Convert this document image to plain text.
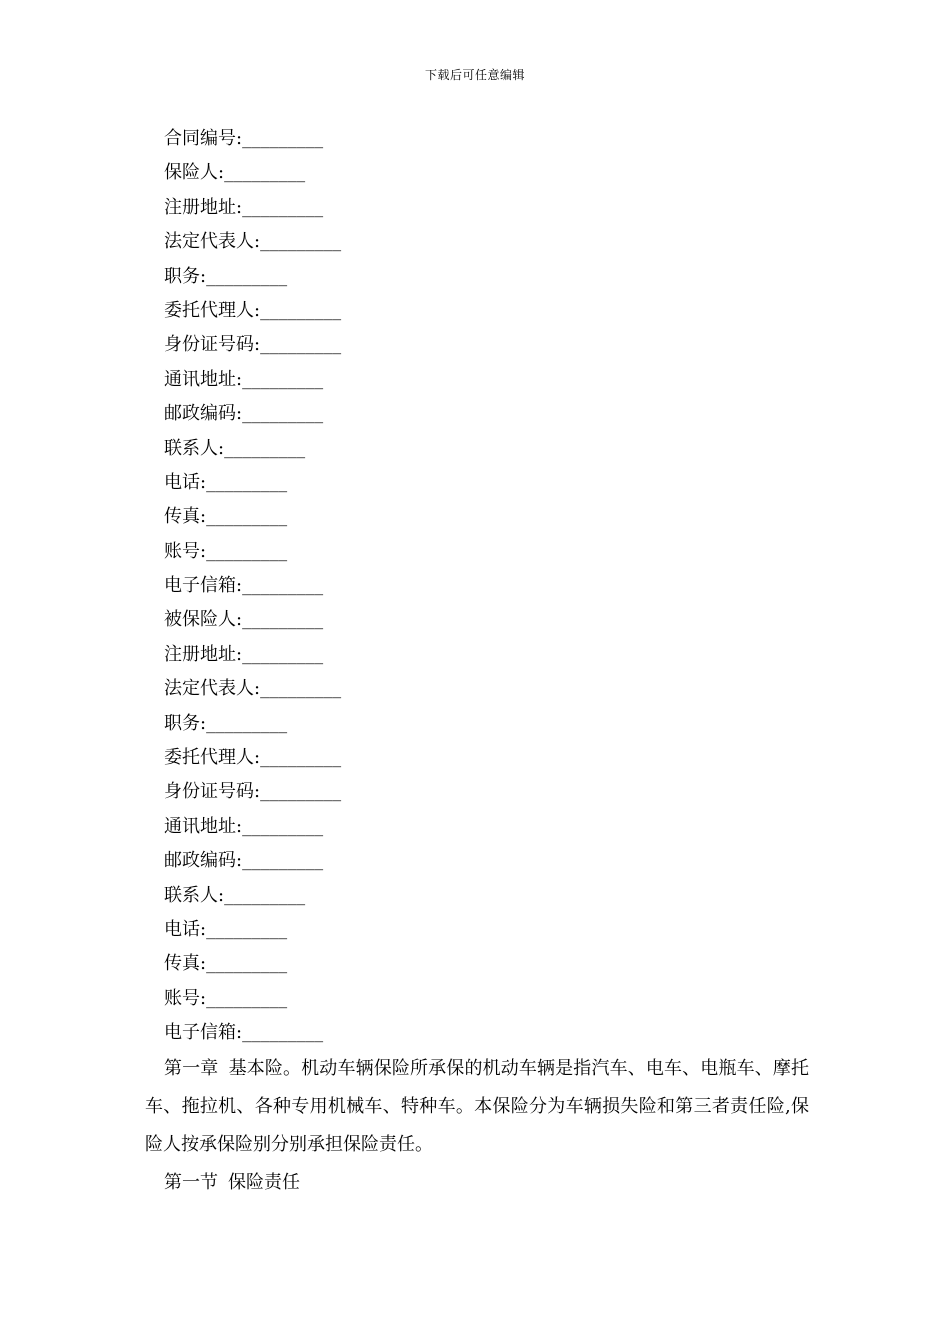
下载后可任意编辑
合同编号:_________
保险人:_________
注册地址:_________
法定代表人:_________
职务:_________
委托代理人:_________
身份证号码:_________
通讯地址:_________
邮政编码:_________
联系人:_________
电话:_________
传真:_________
账号:_________
电子信箱:_________
被保险人:_________
注册地址:_________
法定代表人:_________
职务:_________
委托代理人:_________
身份证号码:_________
通讯地址:_________
邮政编码:_________
联系人:_________
电话:_________
传真:_________
账号:_________
电子信箱:_________

第一章 基本险。机动车辆保险所承保的机动车辆是指汽车、电车、电瓶车、摩托车、拖拉机、各种专用机械车、特种车。本保险分为车辆损失险和第三者责任险,保险人按承保险别分别承担保险责任。

第一节 保险责任
